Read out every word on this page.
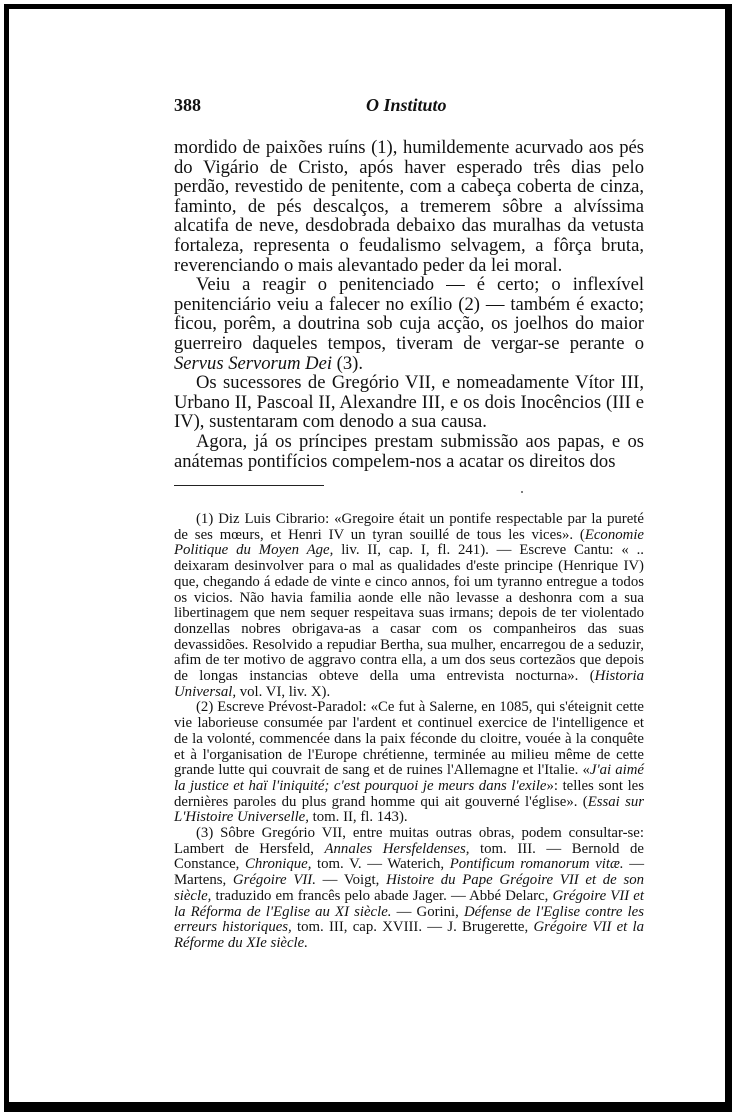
388	O Instituto

mordido de paixões ruíns (1), humildemente acurvado aos pés do Vigário de Cristo, após haver esperado três dias pelo perdão, revestido de penitente, com a cabeça coberta de cinza, faminto, de pés descalços, a tremerem sôbre a alvíssima alcatifa de neve, desdobrada debaixo das muralhas da vetusta fortaleza, representa o feudalismo selvagem, a fôrça bruta, reverenciando o mais alevantado peder da lei moral.

Veiu a reagir o penitenciado — é certo; o inflexível penitenciário veiu a falecer no exílio (2) — também é exacto; ficou, porêm, a doutrina sob cuja acção, os joelhos do maior guerreiro daqueles tempos, tiveram de vergar-se perante o Servus Servorum Dei (3).

Os sucessores de Gregório VII, e nomeadamente Vítor III, Urbano II, Pascoal II, Alexandre III, e os dois Inocêncios (III e IV), sustentaram com denodo a sua causa.

Agora, já os príncipes prestam submissão aos papas, e os anátemas pontifícios compelem-nos a acatar os direitos dos

(1) Diz Luis Cibrario: «Gregoire était un pontife respectable par la pureté de ses mœurs, et Henri IV un tyran souillé de tous les vices». (Economie Politique du Moyen Age, liv. II, cap. I, fl. 241). — Escreve Cantu: « .. deixaram desinvolver para o mal as qualidades d'este principe (Henrique IV) que, chegando á edade de vinte e cinco annos, foi um tyranno entregue a todos os vicios. Não havia familia aonde elle não levasse a deshonra com a sua libertinagem que nem sequer respeitava suas irmans; depois de ter violentado donzellas nobres obrigava-as a casar com os companheiros das suas devassidões. Resolvido a repudiar Bertha, sua mulher, encarregou de a seduzir, afim de ter motivo de aggravo contra ella, a um dos seus cortezãos que depois de longas instancias obteve della uma entrevista nocturna». (Historia Universal, vol. VI, liv. X).

(2) Escreve Prévost-Paradol: «Ce fut à Salerne, en 1085, qui s'éteignit cette vie laborieuse consumée par l'ardent et continuel exercice de l'intelligence et de la volonté, commencée dans la paix féconde du cloitre, vouée à la conquête et à l'organisation de l'Europe chrétienne, terminée au milieu même de cette grande lutte qui couvrait de sang et de ruines l'Allemagne et l'Italie. «J'ai aimé la justice et haï l'iniquité; c'est pourquoi je meurs dans l'exile»: telles sont les dernières paroles du plus grand homme qui ait gouverné l'église». (Essai sur L'Histoire Universelle, tom. II, fl. 143).

(3) Sôbre Gregório VII, entre muitas outras obras, podem consultar-se: Lambert de Hersfeld, Annales Hersfeldenses, tom. III. — Bernold de Constance, Chronique, tom. V. — Waterich, Pontificum romanorum vitæ. — Martens, Grégoire VII. — Voigt, Histoire du Pape Grégoire VII et de son siècle, traduzido em francês pelo abade Jager. — Abbé Delarc, Grégoire VII et la Réforma de l'Eglise au XI siècle. — Gorini, Défense de l'Eglise contre les erreurs historiques, tom. III, cap. XVIII. — J. Brugerette, Grégoire VII et la Réforme du XIe siècle.
